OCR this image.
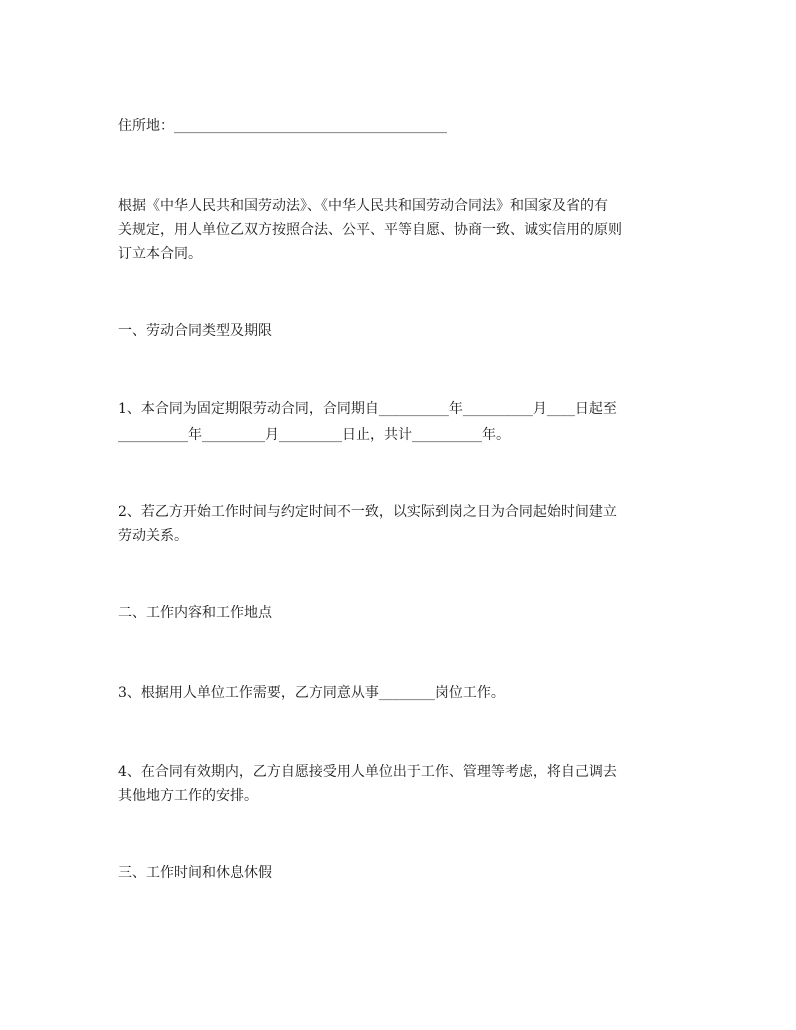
住所地：_______________________________________

根据《中华人民共和国劳动法》、《中华人民共和国劳动合同法》和国家及省的有

关规定，用人单位乙双方按照合法、公平、平等自愿、协商一致、诚实信用的原则

订立本合同。

一、劳动合同类型及期限

1、本合同为固定期限劳动合同，合同期自__________年__________月____日起至

__________年_________月_________日止，共计__________年。

2、若乙方开始工作时间与约定时间不一致，以实际到岗之日为合同起始时间建立

劳动关系。

二、工作内容和工作地点

3、根据用人单位工作需要，乙方同意从事________岗位工作。

4、在合同有效期内，乙方自愿接受用人单位出于工作、管理等考虑，将自己调去

其他地方工作的安排。

三、工作时间和休息休假
